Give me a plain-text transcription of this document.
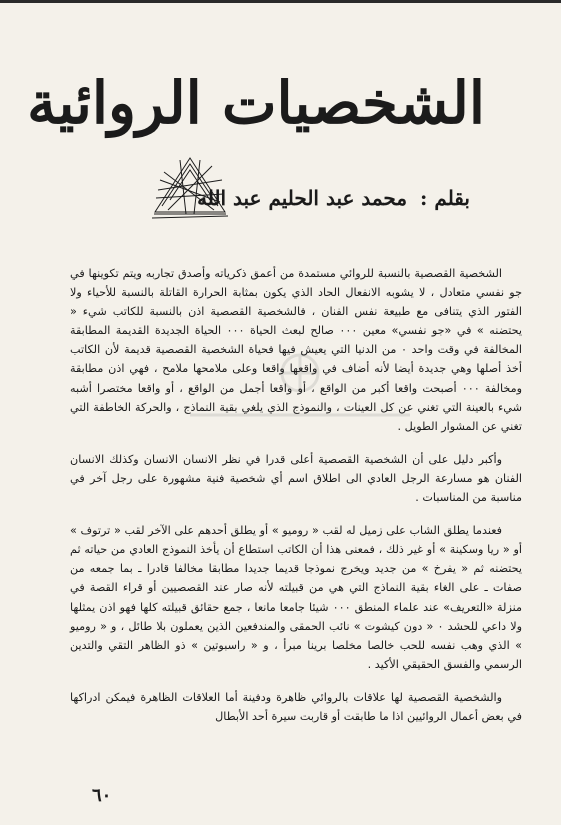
الشخصيات الروائية
بقلم : محمد عبد الحليم عبد الله

الشخصية القصصية بالنسبة للروائي مستمدة من أعمق ذكرياته وأصدق تجاربه ويتم تكوينها في جو نفسي متعادل ، لا يشوبه الانفعال الحاد الذي يكون بمثابة الحرارة القاتلة بالنسبة للأحياء ولا الفتور الذي يتنافى مع طبيعة نفس الفنان ، فالشخصية القصصية اذن بالنسبة للكاتب شيء « يحتضنه » في «جو نفسي» معين ٠٠٠ صالح لبعث الحياة ٠٠٠ الحياة الجديدة القديمة المطابقة المخالفة في وقت واحد ٠ من الدنيا التي يعيش فيها فحياة الشخصية القصصية قديمة لأن الكاتب أخذ أصلها وهي جديدة أيضا لأنه أضاف في واقعها واقعا وعلى ملامحها ملامح ، فهي اذن مطابقة ومخالفة ٠٠٠ أصبحت واقعا أكبر من الواقع ، أو واقعا أجمل من الواقع ، أو واقعا مختصرا أشبه شيء بالعينة التي تغني عن كل العينات ، والنموذج الذي يلغي بقية النماذج ، والحركة الخاطفة التي تغني عن المشوار الطويل .

وأكبر دليل على أن الشخصية القصصية أعلى قدرا في نظر الانسان الانسان وكذلك الانسان الفنان هو مسارعة الرجل العادي الى اطلاق اسم أي شخصية فنية مشهورة على رجل آخر في مناسبة من المناسبات .

فعندما يطلق الشاب على زميل له لقب « روميو » أو يطلق أحدهم على الآخر لقب « ترتوف » أو « ريا وسكينة » أو غير ذلك ، فمعنى هذا أن الكاتب استطاع أن يأخذ النموذج العادي من حياته ثم يحتضنه ثم « يفرخ » من جديد ويخرج نموذجا قديما جديدا مطابقا مخالفا قادرا ـ بما جمعه من صفات ـ على الغاء بقية النماذج التي هي من قبيلته لأنه صار عند القصصيين أو قراء القصة في منزلة «التعريف» عند علماء المنطق ٠٠٠ شيئا جامعا مانعا ، جمع حقائق قبيلته كلها فهو اذن يمثلها ولا داعي للحشد ٠ « دون كيشوت » نائب الحمقى والمندفعين الذين يعملون بلا طائل ، و « روميو » الذي وهب نفسه للحب خالصا مخلصا برينا مبرأ ، و « راسبوتين » ذو الظاهر التقي والتدين الرسمي والفسق الحقيقي الأكيد .

والشخصية القصصية لها علاقات بالروائي ظاهرة ودفينة أما العلاقات الظاهرة فيمكن ادراكها في بعض أعمال الروائيين اذا ما طابقت أو قاربت سيرة أحد الأبطال

٦٠
